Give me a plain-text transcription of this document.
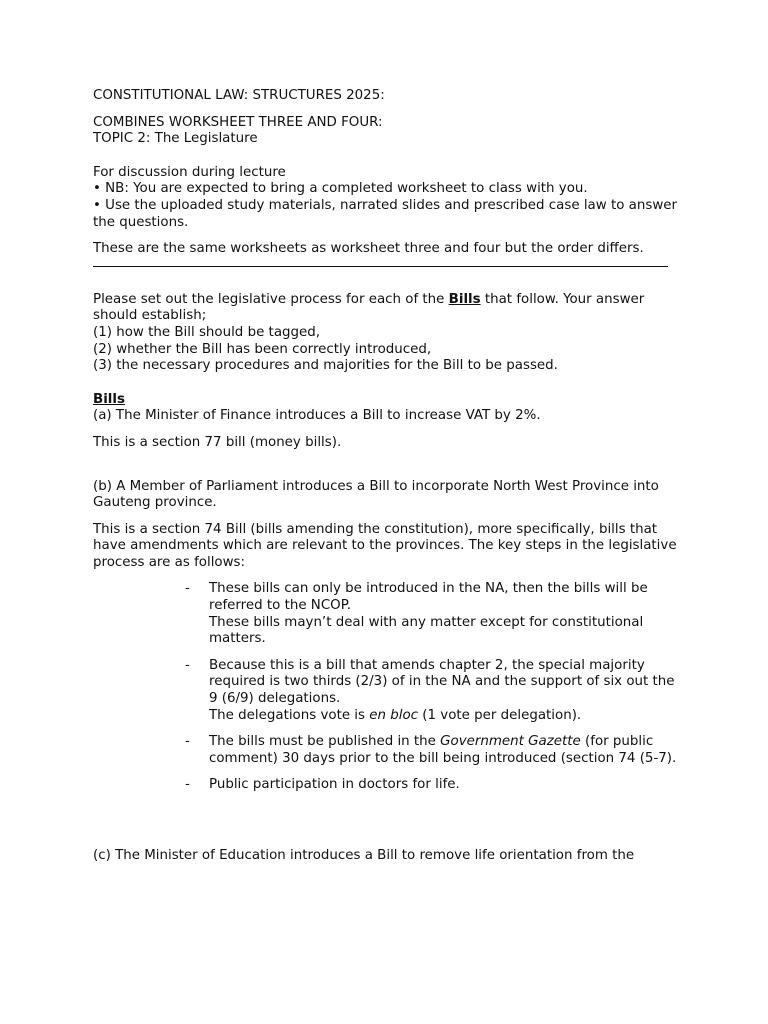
CONSTITUTIONAL LAW: STRUCTURES 2025:

COMBINES WORKSHEET THREE AND FOUR:

TOPIC 2: The Legislature

For discussion during lecture

• NB: You are expected to bring a completed worksheet to class with you.

• Use the uploaded study materials, narrated slides and prescribed case law to answer the questions.

These are the same worksheets as worksheet three and four but the order differs.

Please set out the legislative process for each of the Bills that follow. Your answer should establish;

(1) how the Bill should be tagged,

(2) whether the Bill has been correctly introduced,

(3) the necessary procedures and majorities for the Bill to be passed.

Bills

(a) The Minister of Finance introduces a Bill to increase VAT by 2%.

This is a section 77 bill (money bills).

(b) A Member of Parliament introduces a Bill to incorporate North West Province into

Gauteng province.

This is a section 74 Bill (bills amending the constitution), more specifically, bills that have amendments which are relevant to the provinces. The key steps in the legislative process are as follows:

- These bills can only be introduced in the NA, then the bills will be referred to the NCOP.

These bills mayn’t deal with any matter except for constitutional matters.

- Because this is a bill that amends chapter 2, the special majority required is two thirds (2/3) of in the NA and the support of six out the 9 (6/9) delegations.

The delegations vote is en bloc (1 vote per delegation).

- The bills must be published in the Government Gazette (for public comment) 30 days prior to the bill being introduced (section 74 (5-7).

- Public participation in doctors for life.

(c) The Minister of Education introduces a Bill to remove life orientation from the
